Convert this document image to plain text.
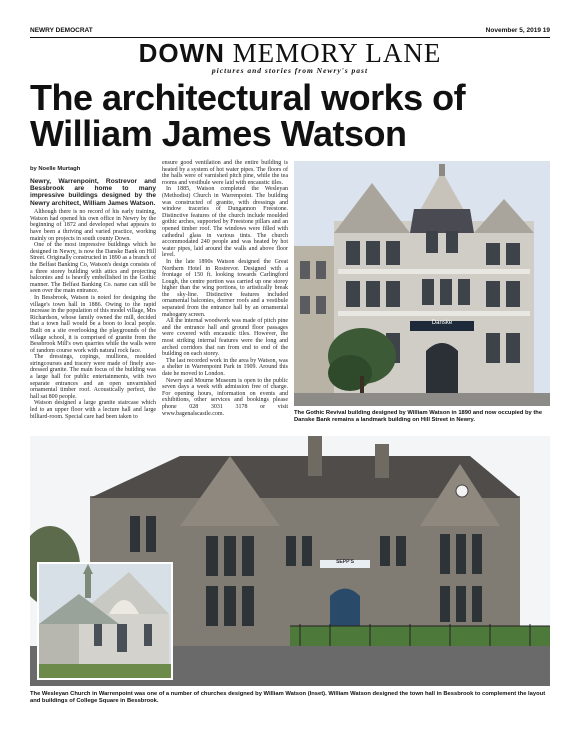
NEWRY DEMOCRAT	November 5, 2019 19
DOWN MEMORY LANE
pictures and stories from Newry's past
The architectural works of William James Watson
by Noelle Murtagh
Newry, Warrenpoint, Rostrevor and Bessbrook are home to many impressive buildings designed by the Newry architect, William James Watson.

Although there is no record of his early training, Watson had opened his own office in Newry by the beginning of 1872 and developed what appears to have been a thriving and varied practice, working mainly on projects in south county Down.

One of the most impressive buildings which he designed in Newry, is now the Danske Bank on Hill Street. Originally constructed in 1890 as a branch of the Belfast Banking Co, Watson's design consists of a three storey building with attics and projecting balconies and is heavily embellished in the Gothic manner. The Belfast Banking Co. name can still be seen over the main entrance.

In Bessbrook, Watson is noted for designing the village's town hall in 1886. Owing to the rapid increase in the population of this model village, Mrs Richardson, whose family owned the mill, decided that a town hall would be a boon to local people. Built on a site overlooking the playgrounds of the village school, it is comprised of granite from the Bessbrook Mill's own quarries while the walls were of random course work with natural rock face.

The dressings, copings, mullions, moulded stringcourses and tracery were made of finely axe-dressed granite. The main focus of the building was a large hall for public entertainments, with two separate entrances and an open unvarnished ornamental timber roof. Acoustically perfect, the hall sat 800 people.

Watson designed a large granite staircase which led to an upper floor with a lecture hall and large billiard-room. Special care had been taken to

ensure good ventilation and the entire building is heated by a system of hot water pipes. The floors of the halls were of varnished pitch pine, while the tea rooms and vestibule were laid with encaustic tiles.

In 1885, Watson completed the Wesleyan (Methodist) Church in Warrenpoint. The building was constructed of granite, with dressings and window traceries of Dungannon Freestone. Distinctive features of the church include moulded gothic arches, supported by Freestone pillars and an opened timber roof. The windows were filled with cathedral glass in various tints. The church accommodated 240 people and was heated by hot water pipes, laid around the walls and above floor level.

In the late 1890s Watson designed the Great Northern Hotel in Rostrevor. Designed with a frontage of 150 ft. looking towards Carlingford Lough, the centre portion was carried up one storey higher than the wing portions, to artistically break the sky-line. Distinctive features included ornamental balconies, dormer roofs and a vestibule separated from the entrance hall by an ornamental mahogany screen.

All the internal woodwork was made of pitch pine and the entrance hall and ground floor passages were covered with encaustic tiles. However, the most striking internal features were the long and arched corridors that ran from end to end of the building on each storey.

The last recorded work in the area by Watson, was a shelter in Warrenpoint Park in 1909. Around this date he moved to London.

Newry and Mourne Museum is open to the public seven days a week with admission free of charge. For opening hours, information on events and exhibitions, other services and bookings please phone 028 3031 3178 or visit www.bagenalscastle.com.

Danske
The Gothic Revival building designed by William Watson in 1890 and now occupied by the Danske Bank remains a landmark building on Hill Street in Newry.
SEPP'S
The Wesleyan Church in Warrenpoint was one of a number of churches designed by William Watson (Inset). William Watson designed the town hall in Bessbrook to complement the layout and buildings of College Square in Bessbrook.
